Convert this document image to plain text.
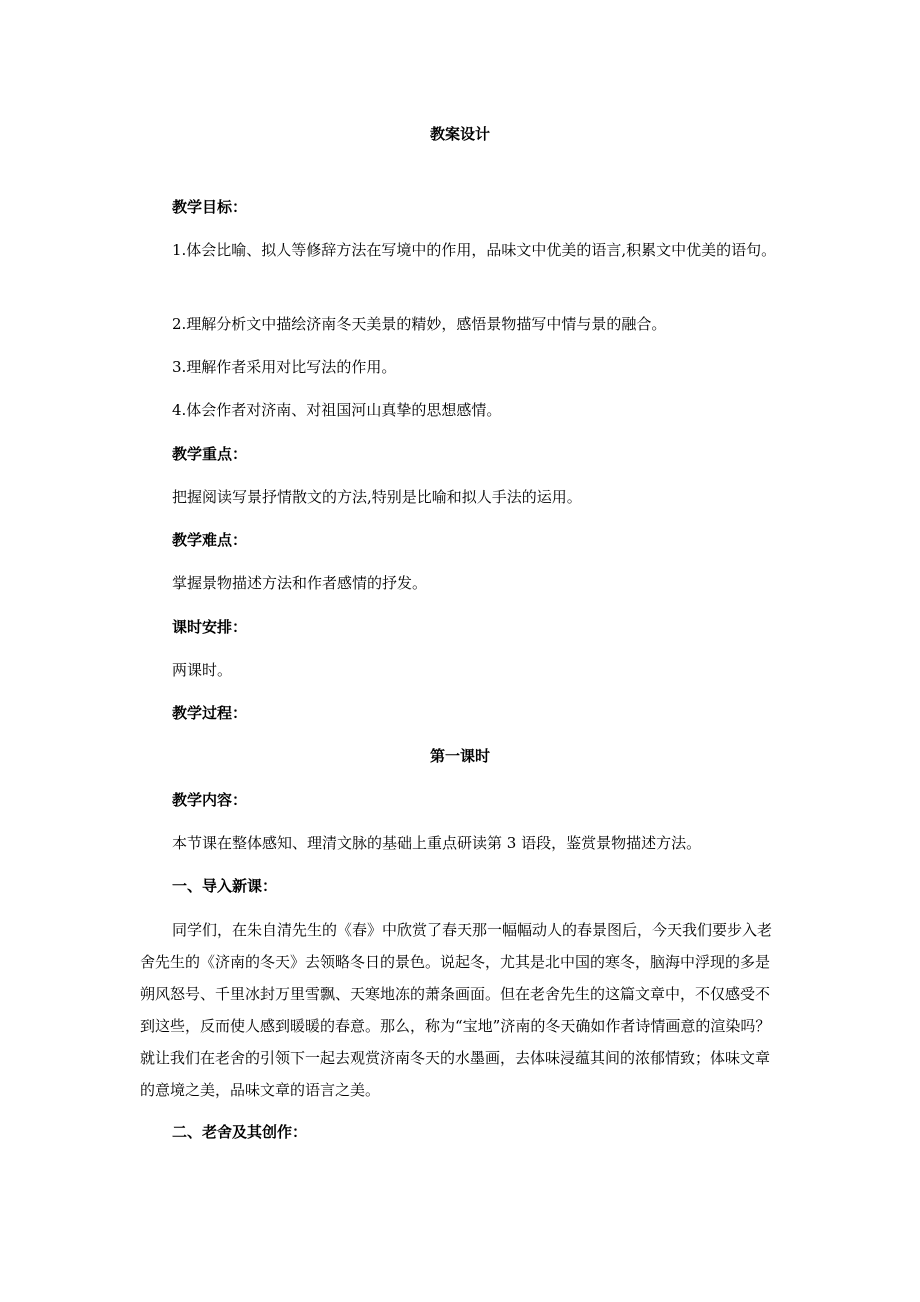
教案设计

教学目标：

1.体会比喻、拟人等修辞方法在写境中的作用，品味文中优美的语言,积累文中优美的语句。

2.理解分析文中描绘济南冬天美景的精妙，感悟景物描写中情与景的融合。

3.理解作者采用对比写法的作用。

4.体会作者对济南、对祖国河山真挚的思想感情。

教学重点：

把握阅读写景抒情散文的方法,特别是比喻和拟人手法的运用。

教学难点：

掌握景物描述方法和作者感情的抒发。

课时安排：

两课时。

教学过程：

第一课时

教学内容：

本节课在整体感知、理清文脉的基础上重点研读第 3 语段，鉴赏景物描述方法。

一、导入新课：

同学们，在朱自清先生的《春》中欣赏了春天那一幅幅动人的春景图后，今天我们要步入老舍先生的《济南的冬天》去领略冬日的景色。说起冬，尤其是北中国的寒冬，脑海中浮现的多是朔风怒号、千里冰封万里雪飘、天寒地冻的萧条画面。但在老舍先生的这篇文章中，不仅感受不到这些，反而使人感到暖暖的春意。那么，称为“宝地”济南的冬天确如作者诗情画意的渲染吗？就让我们在老舍的引领下一起去观赏济南冬天的水墨画，去体味浸蕴其间的浓郁情致；体味文章的意境之美，品味文章的语言之美。

二、老舍及其创作：
